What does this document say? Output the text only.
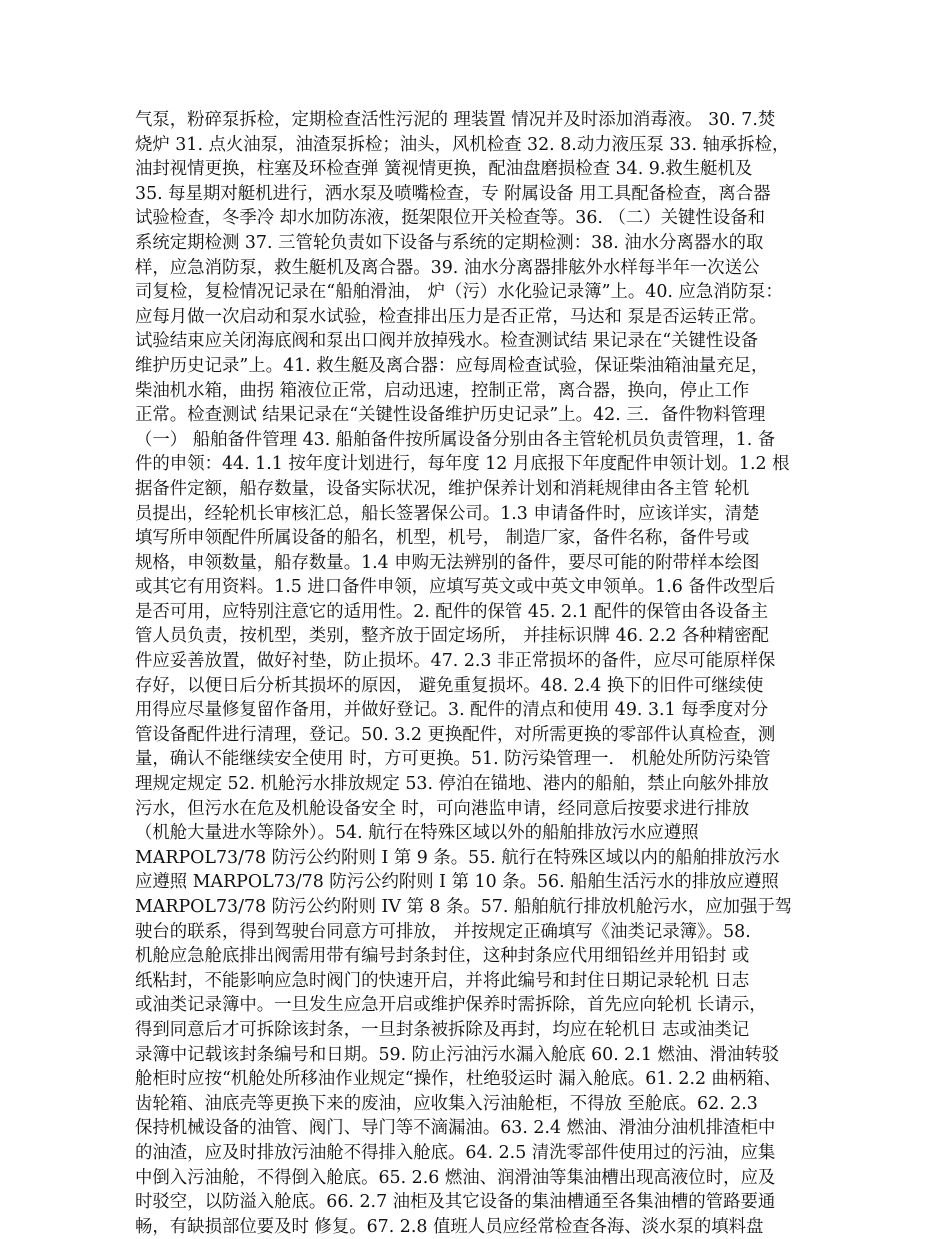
气泵，粉碎泵拆检，定期检查活性污泥的 理装置 情况并及时添加消毒液。 30. 7.焚
烧炉 31. 点火油泵，油渣泵拆检；油头，风机检查 32. 8.动力液压泵 33. 轴承拆检，
油封视情更换，柱塞及环检查弹 簧视情更换，配油盘磨损检查 34. 9.救生艇机及
35. 每星期对艇机进行，洒水泵及喷嘴检查，专 附属设备 用工具配备检查，离合器
试验检查，冬季冷 却水加防冻液，挺架限位开关检查等。36. （二）关键性设备和
系统定期检测 37. 三管轮负责如下设备与系统的定期检测：38. 油水分离器水的取
样，应急消防泵，救生艇机及离合器。39. 油水分离器排舷外水样每半年一次送公
司复检，复检情况记录在“船舶滑油， 炉（污）水化验记录簿”上。40. 应急消防泵：
应每月做一次启动和泵水试验，检查排出压力是否正常，马达和 泵是否运转正常。
试验结束应关闭海底阀和泵出口阀并放掉残水。检查测试结 果记录在“关键性设备
维护历史记录”上。41. 救生艇及离合器：应每周检查试验，保证柴油箱油量充足，
柴油机水箱，曲拐 箱液位正常，启动迅速，控制正常，离合器，换向，停止工作
正常。检查测试 结果记录在“关键性设备维护历史记录”上。42. 三．备件物料管理
（一） 船舶备件管理 43. 船舶备件按所属设备分别由各主管轮机员负责管理，1. 备
件的申领：44. 1.1 按年度计划进行，每年度 12 月底报下年度配件申领计划。1.2 根
据备件定额，船存数量，设备实际状况，维护保养计划和消耗规律由各主管 轮机
员提出，经轮机长审核汇总，船长签署保公司。1.3 申请备件时，应该详实，清楚
填写所申领配件所属设备的船名，机型，机号， 制造厂家，备件名称，备件号或
规格，申领数量，船存数量。1.4 申购无法辨别的备件，要尽可能的附带样本绘图
或其它有用资料。1.5 进口备件申领，应填写英文或中英文申领单。1.6 备件改型后
是否可用，应特别注意它的适用性。2. 配件的保管 45. 2.1 配件的保管由各设备主
管人员负责，按机型，类别，整齐放于固定场所， 并挂标识牌 46. 2.2 各种精密配
件应妥善放置，做好衬垫，防止损坏。47. 2.3 非正常损坏的备件，应尽可能原样保
存好，以便日后分析其损坏的原因， 避免重复损坏。48. 2.4 换下的旧件可继续使
用得应尽量修复留作备用，并做好登记。3. 配件的清点和使用 49. 3.1 每季度对分
管设备配件进行清理，登记。50. 3.2 更换配件，对所需更换的零部件认真检查，测
量，确认不能继续安全使用 时，方可更换。51. 防污染管理一． 机舱处所防污染管
理规定规定 52. 机舱污水排放规定 53. 停泊在锚地、港内的船舶，禁止向舷外排放
污水，但污水在危及机舱设备安全 时，可向港监申请，经同意后按要求进行排放
（机舱大量进水等除外）。54. 航行在特殊区域以外的船舶排放污水应遵照
MARPOL73/78 防污公约附则 I 第 9 条。55. 航行在特殊区域以内的船舶排放污水
应遵照 MARPOL73/78 防污公约附则 I 第 10 条。56. 船舶生活污水的排放应遵照
MARPOL73/78 防污公约附则 IV 第 8 条。57. 船舶航行排放机舱污水，应加强于驾
驶台的联系，得到驾驶台同意方可排放， 并按规定正确填写《油类记录簿》。58.
机舱应急舱底排出阀需用带有编号封条封住，这种封条应代用细铅丝并用铅封 或
纸粘封，不能影响应急时阀门的快速开启，并将此编号和封住日期记录轮机 日志
或油类记录簿中。一旦发生应急开启或维护保养时需拆除，首先应向轮机 长请示，
得到同意后才可拆除该封条，一旦封条被拆除及再封，均应在轮机日 志或油类记
录簿中记载该封条编号和日期。59. 防止污油污水漏入舱底 60. 2.1 燃油、滑油转驳
舱柜时应按“机舱处所移油作业规定“操作，杜绝驳运时 漏入舱底。61. 2.2 曲柄箱、
齿轮箱、油底壳等更换下来的废油，应收集入污油舱柜，不得放 至舱底。62. 2.3
保持机械设备的油管、阀门、导门等不滴漏油。63. 2.4 燃油、滑油分油机排渣柜中
的油渣，应及时排放污油舱不得排入舱底。64. 2.5 清洗零部件使用过的污油，应集
中倒入污油舱，不得倒入舱底。65. 2.6 燃油、润滑油等集油槽出现高液位时，应及
时驳空，以防溢入舱底。66. 2.7 油柜及其它设备的集油槽通至各集油槽的管路要通
畅，有缺损部位要及时 修复。67. 2.8 值班人员应经常检查各海、淡水泵的填料盘
